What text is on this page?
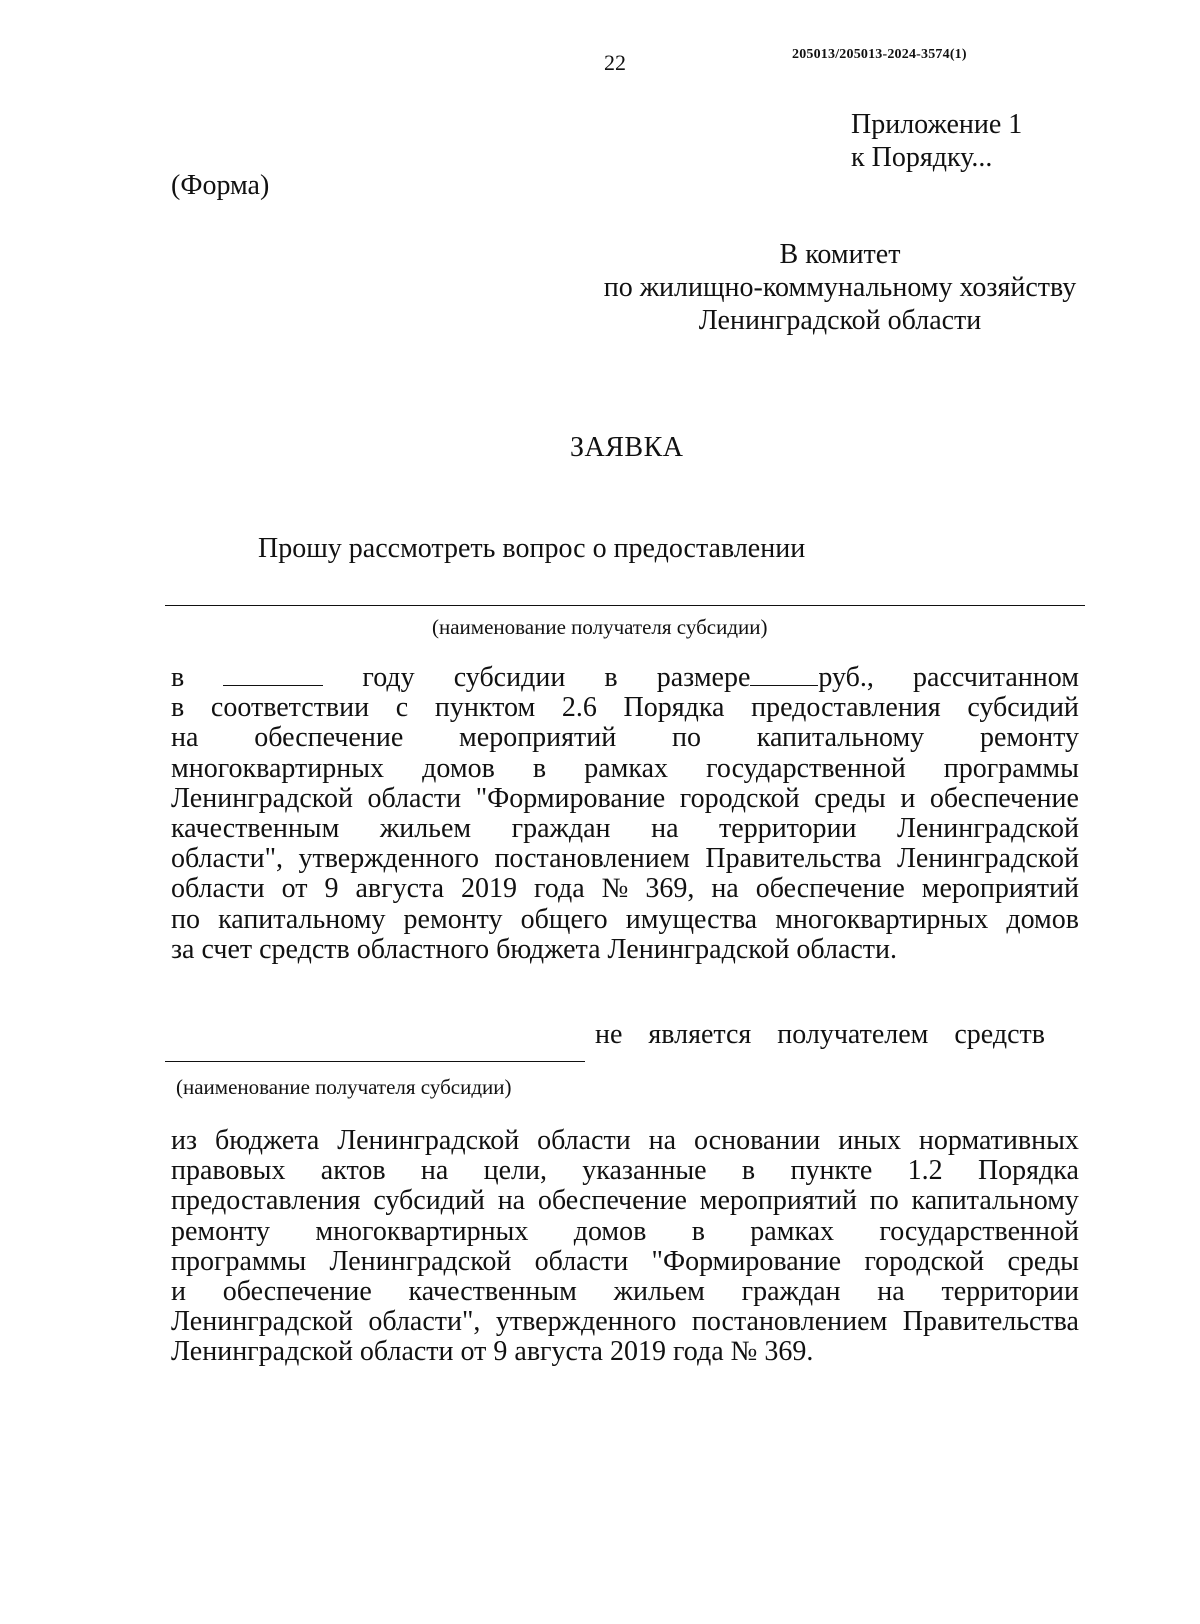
22	205013/205013-2024-3574(1)
Приложение 1
к Порядку...
(Форма)
В комитет
по жилищно-коммунальному хозяйству
Ленинградской области
ЗАЯВКА
Прошу рассмотреть вопрос о предоставлении
(наименование получателя субсидии)
в	году субсидии в размере руб., рассчитанном
в соответствии с пунктом 2.6 Порядка предоставления субсидий
на обеспечение мероприятий по капитальному ремонту
многоквартирных домов в рамках государственной программы
Ленинградской области "Формирование городской среды и обеспечение
качественным жильем граждан на территории Ленинградской
области", утвержденного постановлением Правительства Ленинградской
области от 9 августа 2019 года № 369, на обеспечение мероприятий
по капитальному ремонту общего имущества многоквартирных домов
за счет средств областного бюджета Ленинградской области.
не является получателем средств
(наименование получателя субсидии)
из бюджета Ленинградской области на основании иных нормативных
правовых актов на цели, указанные в пункте 1.2 Порядка
предоставления субсидий на обеспечение мероприятий по капитальному
ремонту многоквартирных домов в рамках государственной
программы Ленинградской области "Формирование городской среды
и обеспечение качественным жильем граждан на территории
Ленинградской области", утвержденного постановлением Правительства
Ленинградской области от 9 августа 2019 года № 369.
